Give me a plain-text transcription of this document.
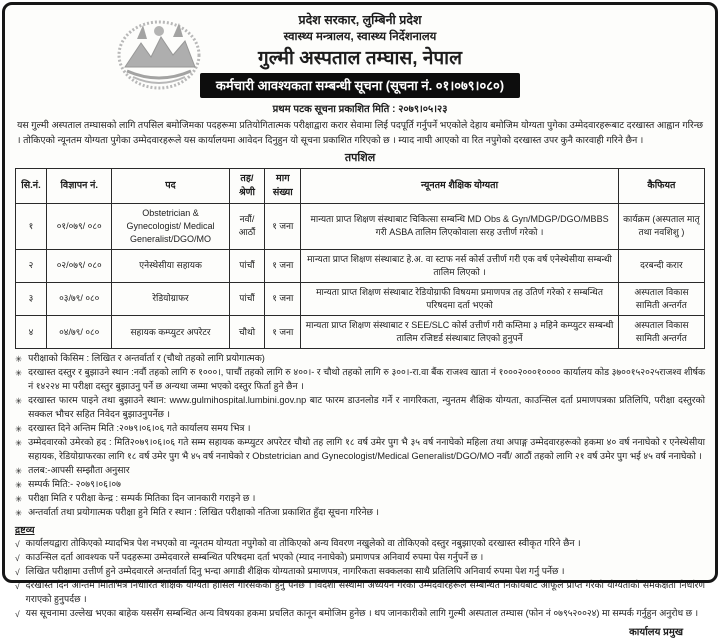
प्रदेश सरकार, लुम्बिनी प्रदेश
स्वास्थ्य मन्त्रालय, स्वास्थ्य निर्देशनालय
गुल्मी अस्पताल तम्घास, नेपाल
कर्मचारी आवश्यकता सम्बन्धी सूचना (सूचना नं. ०१।०७९।०८०)
प्रथम पटक सूचना प्रकाशित मिति : २०७९।०५।२३

यस गुल्मी अस्पताल तम्घासको लागि तपसिल बमोजिमका पदहरूमा प्रतियोगितात्मक परीक्षाद्वारा करार सेवामा लिई पदपूर्ति गर्नुपर्ने भएकोले देहाय बमोजिम योग्यता पुगेका उम्मेदवारहरूबाट दरखास्त आह्वान गरिन्छ । तोकिएको न्यूनतम योग्यता पुगेका उम्मेदवारहरूले यस कार्यालयमा आवेदन दिनुहुन यो सूचना प्रकाशित गरिएको छ । म्याद नाघी आएको वा रित नपुगेको दरखास्त उपर कुनै कारवाही गरिने छैन ।

तपशिल
सि.नं.	विज्ञापन नं.	पद	तह/ श्रेणी	माग संख्या	न्यूनतम शैक्षिक योग्यता	कैफियत
१	०१/०७९/ ०८०	Obstetrician & Gynecologist/ Medical Generalist/DGO/MO	नवौं/ आठौं	१ जना	मान्यता प्राप्त शिक्षण संस्थाबाट चिकित्सा सम्बन्धि MD Obs & Gyn/MDGP/DGO/MBBS गरी ASBA तालिम लिएकोवाला सरह उत्तीर्ण गरेको ।	कार्यक्रम (अस्पताल मातृ तथा नवशिशु )
२	०२/०७९/ ०८०	एनेस्थेसीया सहायक	पांचौं	१ जना	मान्यता प्राप्त शिक्षण संस्थाबाट हे.अ. वा स्टाफ नर्स कोर्स उत्तीर्ण गरी एक वर्ष एनेस्थेसीया सम्बन्धी तालिम लिएको ।	दरबन्दी करार
३	०३/७९/ ०८०	रेडियोग्राफर	पांचौं	१ जना	मान्यता प्राप्त शिक्षण संस्थाबाट रेडियोग्राफी विषयमा प्रमाणपत्र तह उतिर्ण गरेको र सम्बन्धित परिषदमा दर्ता भएको	अस्पताल विकास सामिती अन्तर्गत
४	०४/७९/ ०८०	सहायक कम्प्युटर अपरेटर	चौथो	१ जना	मान्यता प्राप्त शिक्षण संस्थाबाट र SEE/SLC कोर्स उत्तीर्ण गरी कम्तिमा ३ महिने कम्प्युटर सम्बन्धी तालिम रजिष्टर्ड संस्थाबाट लिएको हुनुपर्ने	अस्पताल विकास सामिती अन्तर्गत
✳ परीक्षाको किसिम : लिखित र अन्तर्वार्ता र (चौथो तहको लागि प्रयोगात्मक)
✳ दरखास्त दस्तुर र बुझाउने स्थान :नवौं तहको लागि रु १०००।, पाचौं तहको लागि रु ४००।- र चौथो तहको लागि रु ३००।-रा.वा बैंक राजश्व खाता नं १०००२०००१०००० कार्यालय कोड ३७००१५२०२५राजश्व शीर्षक नं १४२२४ मा परीक्षा दस्तुर बुझाउनु पर्ने छ अन्यथा जम्मा भएको दस्तुर फिर्ता हुने छैन ।
✳ दरखास्त फारम पाइने तथा बुझाउने स्थान: www.gulmihospital.lumbini.gov.np बाट फारम डाउनलोड गर्ने र नागरिकता, न्युनतम शैक्षिक योग्यता, काउन्सिल दर्ता प्रमाणपत्रका प्रतिलिपि, परीक्षा दस्तुरको सक्कल भौचर सहित निवेदन बुझाउनुपर्नेछ ।
✳ दरखास्त दिने अन्तिम मिति :२०७९।०६।०६ गते कार्यालय समय भित्र ।
✳ उम्मेदवारको उमेरको हद : मिति२०७९।०६।०६ गते सम्म सहायक कम्प्युटर अपरेटर चौथो तह लागि १८ वर्ष उमेर पुग भै ३५ वर्ष ननाघेको महिला तथा अपाङ्ग उम्मेदवारहरूको हकमा ४० वर्ष ननाघेको र एनेस्थेसीया सहायक, रेडियोग्राफरका लागि १८ वर्ष उमेर पुग भै ४५ वर्ष ननाघेको र Obstetrician and Gynecologist/Medical Generalist/DGO/MO नवौं/ आठौं तहको लागि २१ वर्ष उमेर पुग भई ४५ वर्ष ननाघेको ।
✳ तलब:-आपसी सम्झौता अनुसार
✳ सम्पर्क मिति:- २०७९।०६।०७
✳ परीक्षा मिति र परीक्षा केन्द्र : सम्पर्क मितिका दिन जानकारी गराइने छ ।
✳ अन्तर्वार्ता तथा प्रयोगात्मक परीक्षा हुने मिति र स्थान : लिखित परीक्षाको नतिजा प्रकाशित हुँदा सूचना गरिनेछ ।
द्रष्टव्य
√ कार्यालयद्वारा तोकिएको म्यादभित्र पेश नभएको वा न्यूनतम योग्यता नपुगेको वा तोकिएको अन्य विवरण नखुलेको वा तोकिएको दस्तुर नबुझाएको दरखास्त स्वीकृत गरिने छैन ।
√ काउन्सिल दर्ता आवश्यक पर्ने पदहरूमा उम्मेदवारले सम्बन्धित परिषदमा दर्ता भएको (म्याद ननाघेको) प्रमाणपत्र अनिवार्य रुपमा पेस गर्नुपर्ने छ ।
√ लिखित परीक्षामा उत्तीर्ण हुने उम्मेदवारले अन्तर्वार्ता दिनु भन्दा अगाडी शैक्षिक योग्यताको प्रमाणपत्र, नागरिकता सक्कलका साथै प्रतिलिपि अनिवार्य रुपमा पेश गर्नु पर्नेछ ।
√ दरखास्त दिने अन्तिम मितिभित्र निर्धारित शैक्षिक योग्यता हासिल गरिसकेको हुनु पर्नेछ । विदेशी संस्थामा अध्ययन गरेका उम्मेदवारहरूले सम्बन्धित निकायबाट आफूले प्राप्त गरेको योग्यताको समकक्षता निर्धारण गराएको हुनुपर्दछ ।
√ यस सूचनामा उल्लेख भएका बाहेक यससँग सम्बन्धित अन्य विषयका हकमा प्रचलित कानून बमोजिम हुनेछ । थप जानकारीको लागि गुल्मी अस्पताल तम्घास (फोन नं ०७९५२००२४) मा सम्पर्क गर्नुहुन अनुरोध छ ।
कार्यालय प्रमुख
